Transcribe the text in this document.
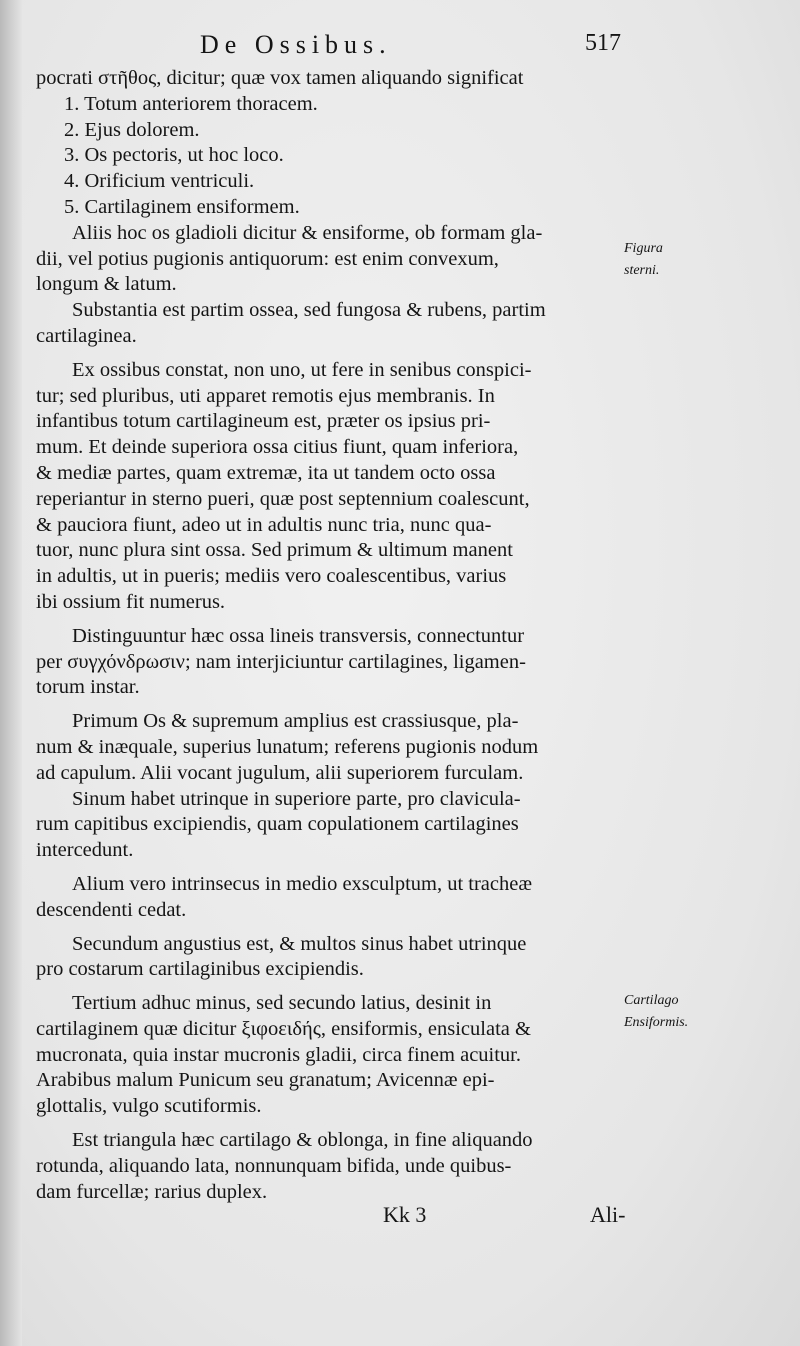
De Ossibus.	517
pocrati στῆθος, dicitur; quæ vox tamen aliquando significat
1. Totum anteriorem thoracem.
2. Ejus dolorem.
3. Os pectoris, ut hoc loco.
4. Orificium ventriculi.
5. Cartilaginem ensiformem.
Aliis hoc os gladioli dicitur & ensiforme, ob formam gla-
dii, vel potius pugionis antiquorum: est enim convexum,
longum & latum.
Substantia est partim ossea, sed fungosa & rubens, partim
cartilaginea.
Ex ossibus constat, non uno, ut fere in senibus conspici-
tur; sed pluribus, uti apparet remotis ejus membranis. In
infantibus totum cartilagineum est, præter os ipsius pri-
mum. Et deinde superiora ossa citius fiunt, quam inferiora,
& mediæ partes, quam extremæ, ita ut tandem octo ossa
reperiantur in sterno pueri, quæ post septennium coalescunt,
& pauciora fiunt, adeo ut in adultis nunc tria, nunc qua-
tuor, nunc plura sint ossa. Sed primum & ultimum manent
in adultis, ut in pueris; mediis vero coalescentibus, varius
ibi ossium fit numerus.
Distinguuntur hæc ossa lineis transversis, connectuntur
per συγχόνδρωσιν; nam interjiciuntur cartilagines, ligamen-
torum instar.
Primum Os & supremum amplius est crassiusque, pla-
num & inæquale, superius lunatum; referens pugionis nodum
ad capulum. Alii vocant jugulum, alii superiorem furculam.
Sinum habet utrinque in superiore parte, pro clavicula-
rum capitibus excipiendis, quam copulationem cartilagines
intercedunt.
Alium vero intrinsecus in medio exsculptum, ut tracheæ
descendenti cedat.
Secundum angustius est, & multos sinus habet utrinque
pro costarum cartilaginibus excipiendis.
Tertium adhuc minus, sed secundo latius, desinit in
cartilaginem quæ dicitur ξιφοειδής, ensiformis, ensiculata &
mucronata, quia instar mucronis gladii, circa finem acuitur.
Arabibus malum Punicum seu granatum; Avicennæ epi-
glottalis, vulgo scutiformis.
Est triangula hæc cartilago & oblonga, in fine aliquando
rotunda, aliquando lata, nonnunquam bifida, unde quibus-
dam furcellæ; rarius duplex.
Figura
sterni.
Cartilago
Ensiformis.
Kk 3	Ali-
